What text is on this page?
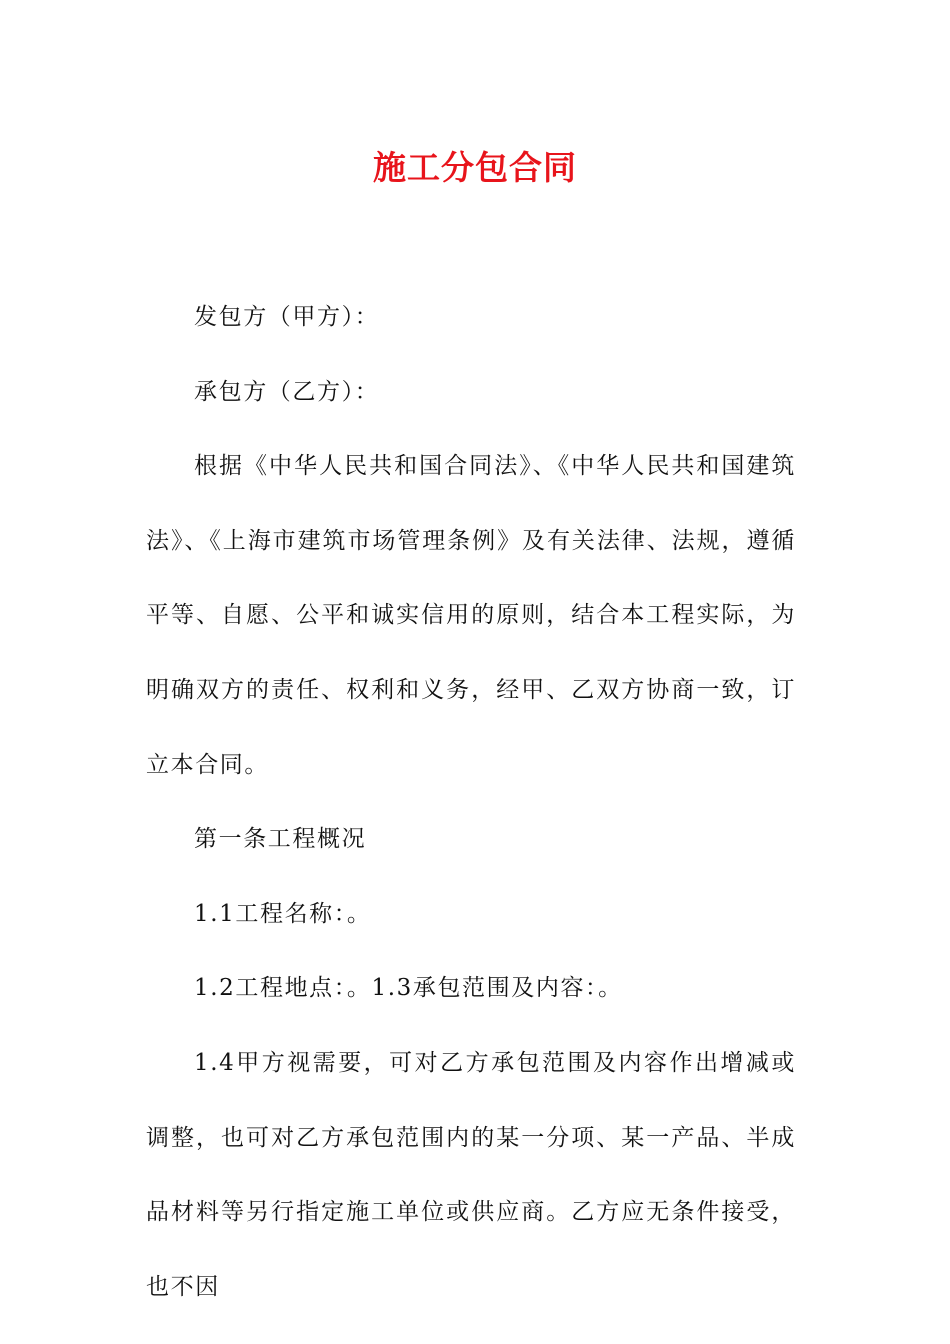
施工分包合同

发包方（甲方）：

承包方（乙方）：

根据《中华人民共和国合同法》、《中华人民共和国建筑法》、《上海市建筑市场管理条例》及有关法律、法规，遵循平等、自愿、公平和诚实信用的原则，结合本工程实际，为明确双方的责任、权利和义务，经甲、乙双方协商一致，订立本合同。

第一条工程概况

1.1工程名称：。

1.2工程地点：。1.3承包范围及内容：。

1.4甲方视需要，可对乙方承包范围及内容作出增减或调整，也可对乙方承包范围内的某一分项、某一产品、半成品材料等另行指定施工单位或供应商。乙方应无条件接受，也不因
